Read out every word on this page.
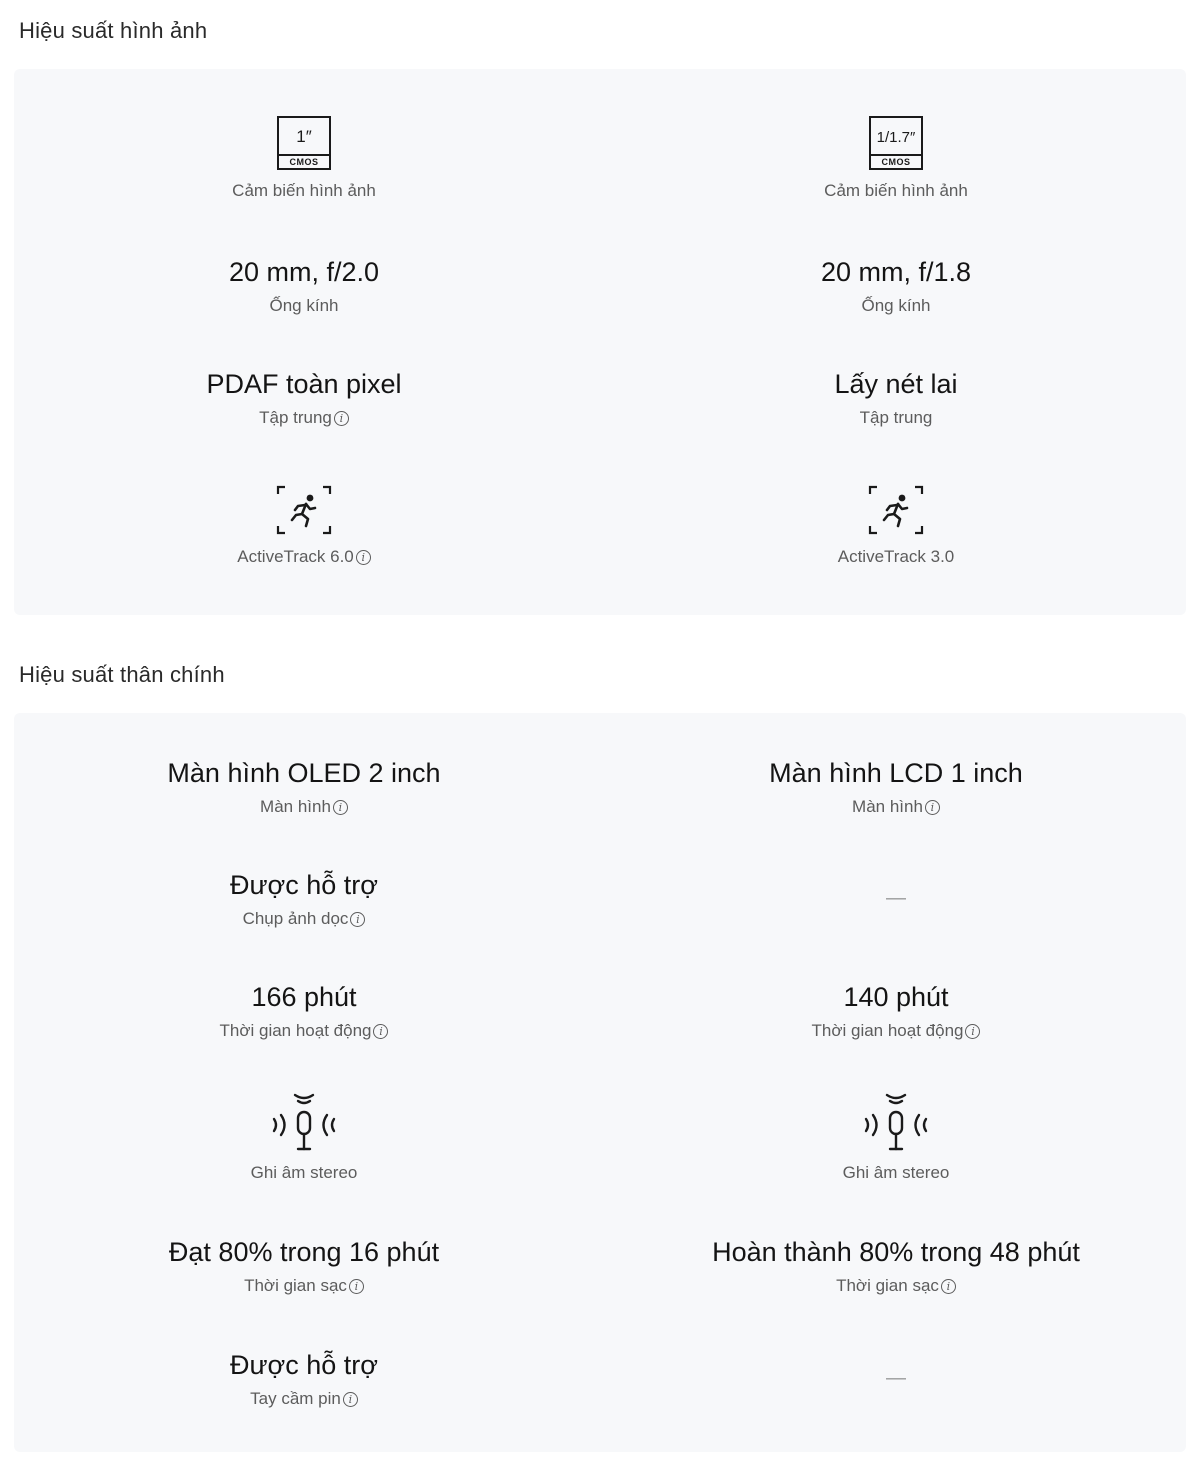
Hiệu suất hình ảnh
1″
CMOS
Cảm biến hình ảnh
20 mm, f/2.0
Ống kính
PDAF toàn pixel
Tập trung i
ActiveTrack 6.0 i
1/1.7″
CMOS
Cảm biến hình ảnh
20 mm, f/1.8
Ống kính
Lấy nét lai
Tập trung
ActiveTrack 3.0
Hiệu suất thân chính
Màn hình OLED 2 inch
Màn hình i
Được hỗ trợ
Chụp ảnh dọc i
166 phút
Thời gian hoạt động i
Ghi âm stereo
Đạt 80% trong 16 phút
Thời gian sạc i
Được hỗ trợ
Tay cầm pin i
Màn hình LCD 1 inch
Màn hình i
—
140 phút
Thời gian hoạt động i
Ghi âm stereo
Hoàn thành 80% trong 48 phút
Thời gian sạc i
—
